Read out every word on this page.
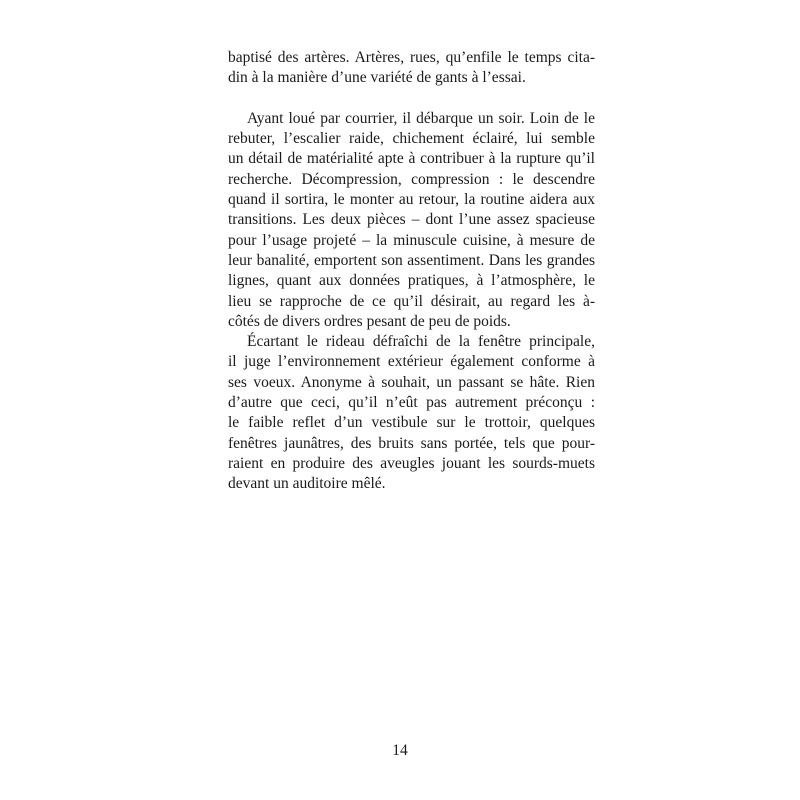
baptisé des artères. Artères, rues, qu’enfile le temps cita-
din à la manière d’une variété de gants à l’essai.
Ayant loué par courrier, il débarque un soir. Loin de le
rebuter, l’escalier raide, chichement éclairé, lui semble
un détail de matérialité apte à contribuer à la rupture qu’il
recherche. Décompression, compression : le descendre
quand il sortira, le monter au retour, la routine aidera aux
transitions. Les deux pièces – dont l’une assez spacieuse
pour l’usage projeté – la minuscule cuisine, à mesure de
leur banalité, emportent son assentiment. Dans les grandes
lignes, quant aux données pratiques, à l’atmosphère, le
lieu se rapproche de ce qu’il désirait, au regard les à-
côtés de divers ordres pesant de peu de poids.
Écartant le rideau défraîchi de la fenêtre principale,
il juge l’environnement extérieur également conforme à
ses voeux. Anonyme à souhait, un passant se hâte. Rien
d’autre que ceci, qu’il n’eût pas autrement préconçu :
le faible reflet d’un vestibule sur le trottoir, quelques
fenêtres jaunâtres, des bruits sans portée, tels que pour-
raient en produire des aveugles jouant les sourds-muets
devant un auditoire mêlé.
14
